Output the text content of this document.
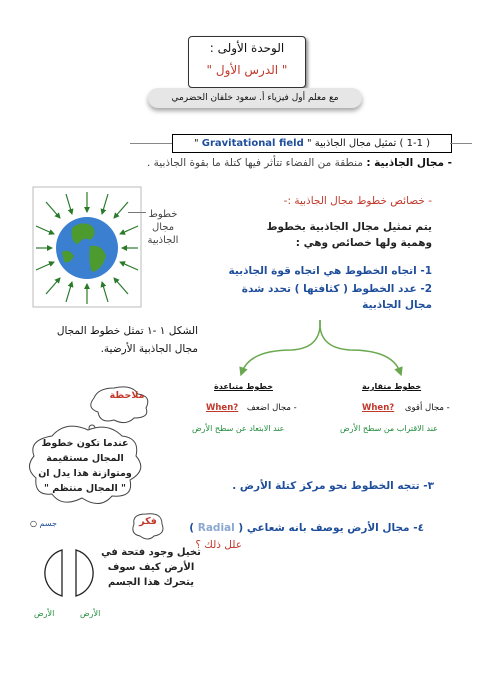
الوحدة الأولى :
" الدرس الأول "
مع معلم أول فيزياء أ. سعود خلفان الحضرمي
( 1-1 ) تمثيل مجال الجاذبية " Gravitational field "
- مجال الجاذبية : منطقة من الفضاء تتأثر فيها كتلة ما بقوة الجاذبية .
خطوط
مجال
الجاذبية
الشكل ١ -١ تمثل خطوط المجال مجال الجاذبية الأرضية.
- خصائص خطوط مجال الجاذبية :-
يتم تمثيل مجال الجاذبية بخطوط وهمية ولها خصائص وهي :
1- اتجاه الخطوط هي اتجاه قوة الجاذبية
2- عدد الخطوط ( كثافتها ) تحدد شدة
مجال الجاذبية
خطوط متقاربة
When? - مجال أقوى
عند الاقتراب من سطح الأرض
خطوط متباعدة
When? - مجال اضعف
عند الابتعاد عن سطح الأرض
ملاحظة
عندما تكون خطوط
المجال مستقيمة
ومتوازنة هذا يدل ان
" المجال منتظم "	٣- تتجه الخطوط نحو مركز كتلة الأرض .
٤- مجال الأرض يوصف بانه شعاعي ( Radial )
علل ذلك ؟
فكر
تخيل وجود فتحة في الأرض كيف سوف يتحرك هذا الجسم
جسم ○
الأرض	الأرض
